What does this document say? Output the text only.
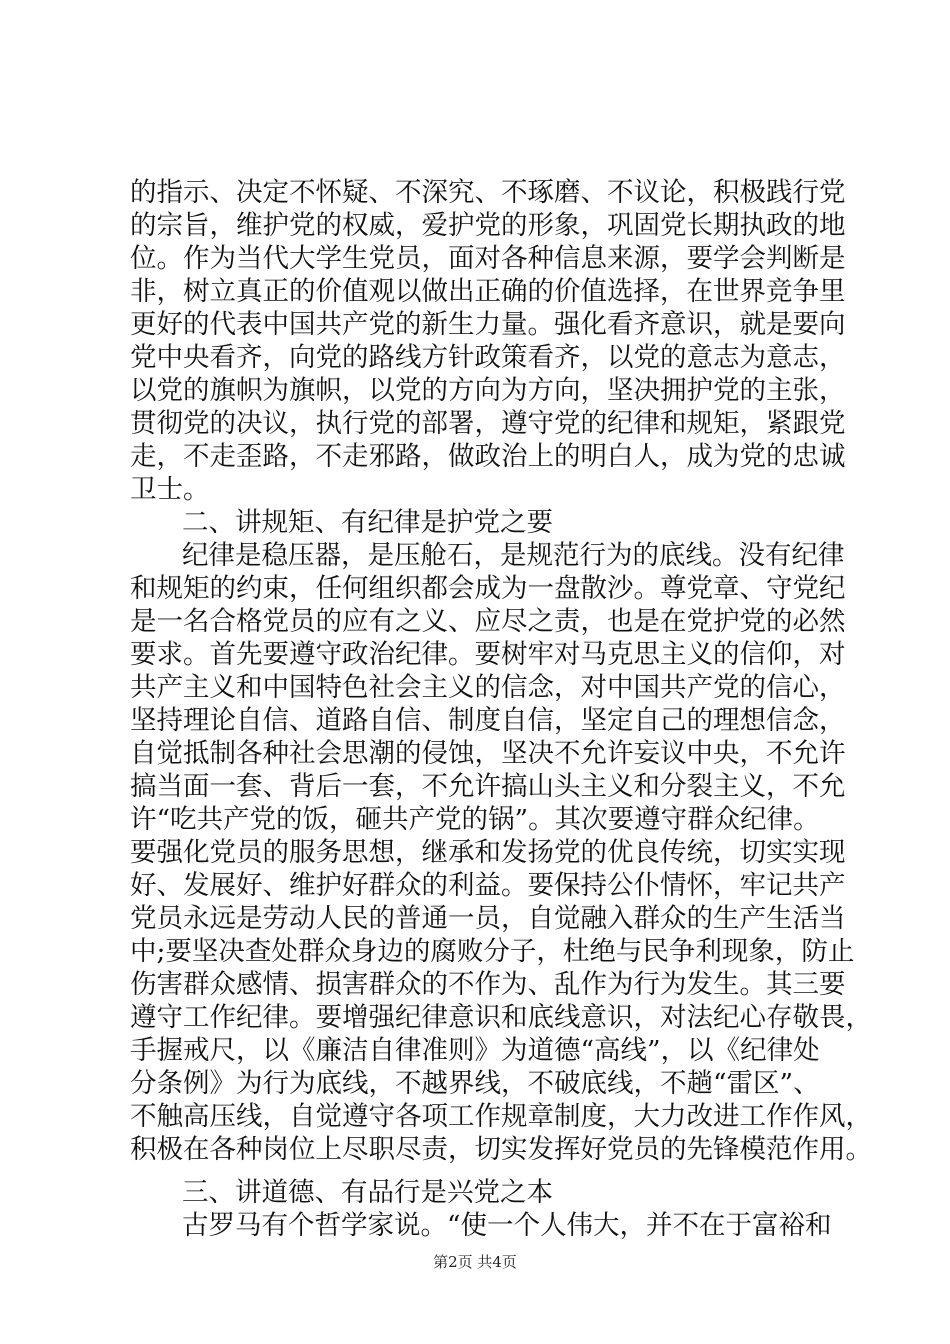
的指示、决定不怀疑、不深究、不琢磨、不议论，积极践行党
的宗旨，维护党的权威，爱护党的形象，巩固党长期执政的地
位。作为当代大学生党员，面对各种信息来源，要学会判断是
非，树立真正的价值观以做出正确的价值选择，在世界竞争里
更好的代表中国共产党的新生力量。强化看齐意识，就是要向
党中央看齐，向党的路线方针政策看齐，以党的意志为意志，
以党的旗帜为旗帜，以党的方向为方向，坚决拥护党的主张，
贯彻党的决议，执行党的部署，遵守党的纪律和规矩，紧跟党
走，不走歪路，不走邪路，做政治上的明白人，成为党的忠诚
卫士。
二、讲规矩、有纪律是护党之要
纪律是稳压器，是压舱石，是规范行为的底线。没有纪律
和规矩的约束，任何组织都会成为一盘散沙。尊党章、守党纪
是一名合格党员的应有之义、应尽之责，也是在党护党的必然
要求。首先要遵守政治纪律。要树牢对马克思主义的信仰，对
共产主义和中国特色社会主义的信念，对中国共产党的信心，
坚持理论自信、道路自信、制度自信，坚定自己的理想信念，
自觉抵制各种社会思潮的侵蚀，坚决不允许妄议中央，不允许
搞当面一套、背后一套，不允许搞山头主义和分裂主义，不允
许“吃共产党的饭，砸共产党的锅”。其次要遵守群众纪律。
要强化党员的服务思想，继承和发扬党的优良传统，切实实现
好、发展好、维护好群众的利益。要保持公仆情怀，牢记共产
党员永远是劳动人民的普通一员，自觉融入群众的生产生活当
中;要坚决查处群众身边的腐败分子，杜绝与民争利现象，防止
伤害群众感情、损害群众的不作为、乱作为行为发生。其三要
遵守工作纪律。要增强纪律意识和底线意识，对法纪心存敬畏，
手握戒尺，以《廉洁自律准则》为道德“高线”，以《纪律处
分条例》为行为底线，不越界线，不破底线，不趟“雷区”、
不触高压线，自觉遵守各项工作规章制度，大力改进工作作风，
积极在各种岗位上尽职尽责，切实发挥好党员的先锋模范作用。
三、讲道德、有品行是兴党之本
古罗马有个哲学家说。“使一个人伟大，并不在于富裕和
第2页 共4页
